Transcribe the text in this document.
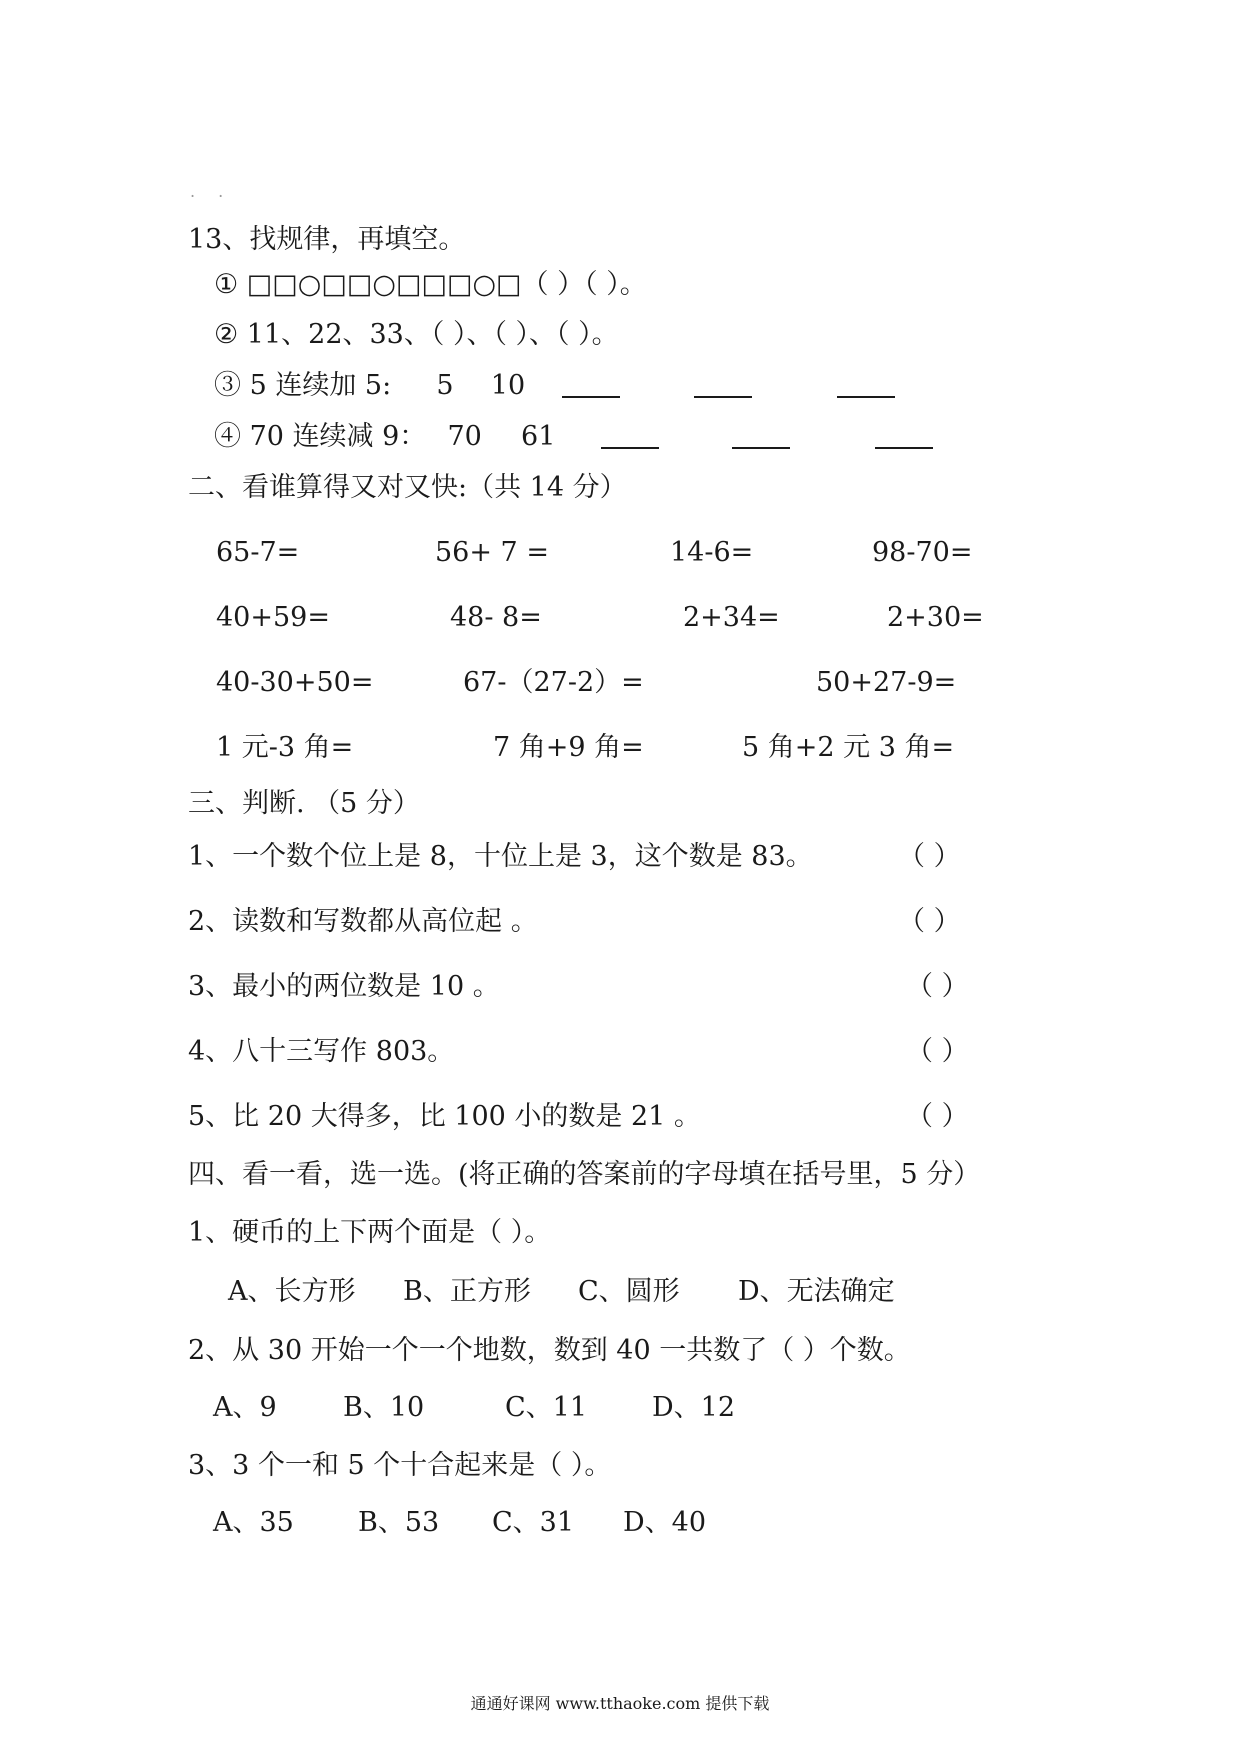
. .
13、找规律，再填空。
① □□○□□○□□□○□（ ）（ ）。
② 11、22、33、（ ）、（ ）、（ ）。
③ 5 连续加 5: 5 10
④ 70 连续减 9： 70 61
二、看谁算得又对又快:（共 14 分）
65-7=	56+ 7 =	14-6=	98-70=
40+59=	48- 8=	2+34=	2+30=
40-30+50=	67-（27-2）=	50+27-9=
1 元-3 角=	7 角+9 角=	5 角+2 元 3 角=
三、判断. （5 分）
1、一个数个位上是 8，十位上是 3，这个数是 83。	（ ）
2、读数和写数都从高位起 。	（ ）
3、最小的两位数是 10 。	（ ）
4、八十三写作 803。	（ ）
5、比 20 大得多，比 100 小的数是 21 。	（ ）
四、看一看，选一选。(将正确的答案前的字母填在括号里，5 分）
1、硬币的上下两个面是（ ）。
A、长方形 B、正方形 C、圆形 D、无法确定
2、从 30 开始一个一个地数，数到 40 一共数了（ ）个数。
A、9 B、10	C、11 D、12
3、3 个一和 5 个十合起来是（ ）。
A、35 B、53 C、31 D、40
通通好课网 www.tthaoke.com 提供下载
